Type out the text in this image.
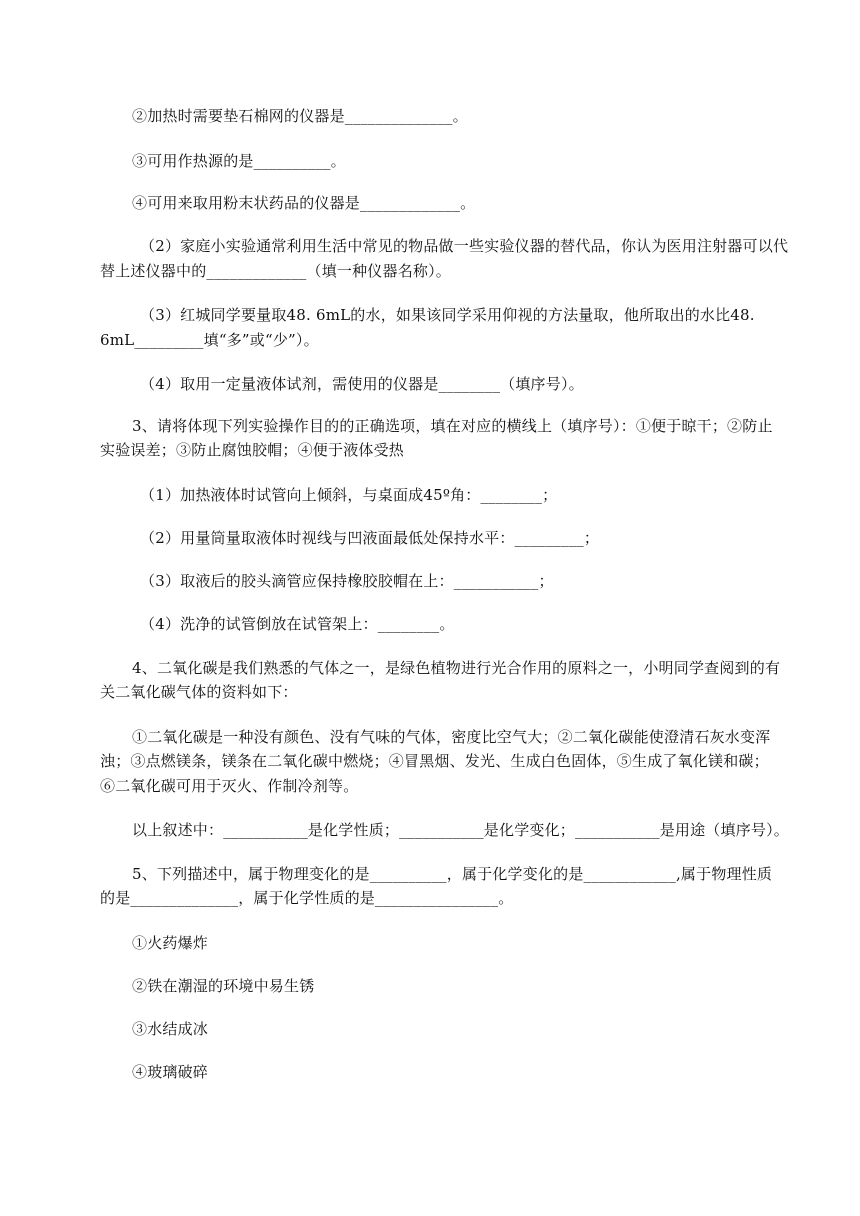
②加热时需要垫石棉网的仪器是______________。
③可用作热源的是__________。
④可用来取用粉末状药品的仪器是_____________。
（2）家庭小实验通常利用生活中常见的物品做一些实验仪器的替代品，你认为医用注射器可以代
替上述仪器中的_____________（填一种仪器名称）。
（3）红城同学要量取48. 6mL的水，如果该同学采用仰视的方法量取，他所取出的水比48.
6mL_________填“多”或“少”）。
（4）取用一定量液体试剂，需使用的仪器是________（填序号）。
3、请将体现下列实验操作目的的正确选项，填在对应的横线上（填序号）：①便于晾干；②防止
实验误差；③防止腐蚀胶帽；④便于液体受热
（1）加热液体时试管向上倾斜，与桌面成45º角：________；
（2）用量筒量取液体时视线与凹液面最低处保持水平：_________；
（3）取液后的胶头滴管应保持橡胶胶帽在上：___________；
（4）洗净的试管倒放在试管架上：________。
4、二氧化碳是我们熟悉的气体之一，是绿色植物进行光合作用的原料之一，小明同学查阅到的有
关二氧化碳气体的资料如下：
①二氧化碳是一种没有颜色、没有气味的气体，密度比空气大；②二氧化碳能使澄清石灰水变浑
浊；③点燃镁条，镁条在二氧化碳中燃烧；④冒黑烟、发光、生成白色固体，⑤生成了氧化镁和碳；
⑥二氧化碳可用于灭火、作制冷剂等。
以上叙述中：___________是化学性质；___________是化学变化；___________是用途（填序号）。
5、下列描述中，属于物理变化的是__________，属于化学变化的是____________,属于物理性质
的是______________，属于化学性质的是________________。
①火药爆炸
②铁在潮湿的环境中易生锈
③水结成冰
④玻璃破碎
